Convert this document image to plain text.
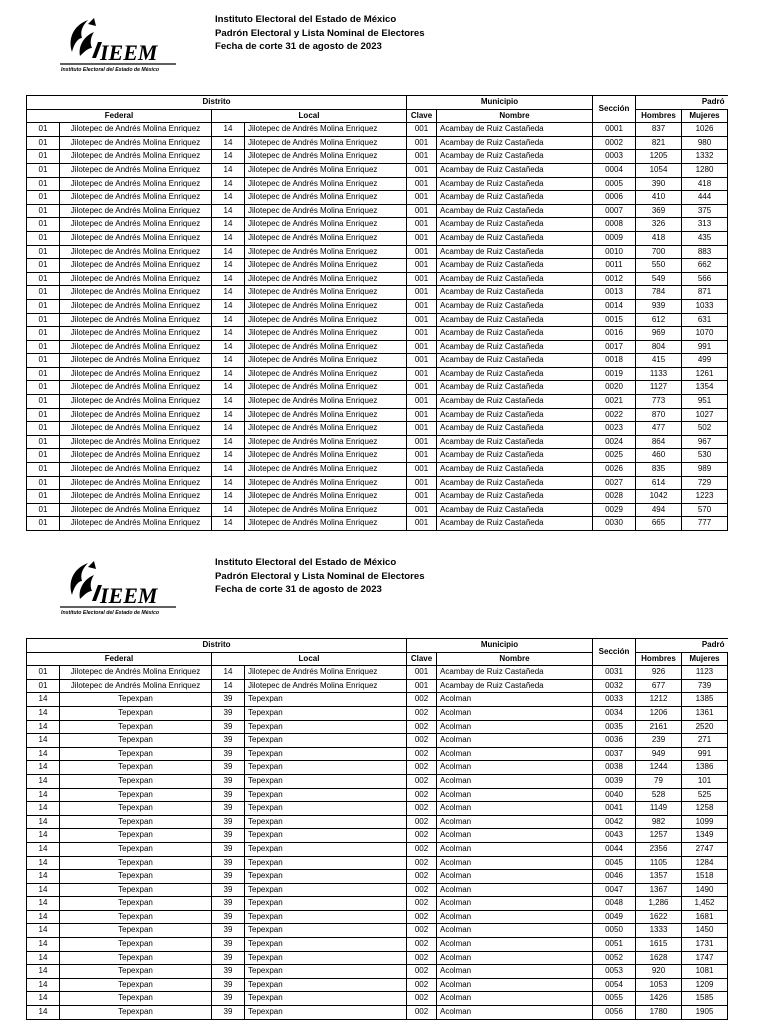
IEEM
Instituto Electoral del Estado de México
Instituto Electoral del Estado de México
Padrón Electoral y Lista Nominal de Electores
Fecha de corte 31 de agosto de 2023
Distrito				Municipio		Sección	Padró	
Federal		Local		Clave	Nombre		Hombres	Mujeres
01	Jilotepec de Andrés Molina Enriquez	14	Jilotepec de Andrés Molina Enriquez	001	Acambay de Ruiz Castañeda	0001	837	1026
01	Jilotepec de Andrés Molina Enriquez	14	Jilotepec de Andrés Molina Enriquez	001	Acambay de Ruiz Castañeda	0002	821	980
01	Jilotepec de Andrés Molina Enriquez	14	Jilotepec de Andrés Molina Enriquez	001	Acambay de Ruiz Castañeda	0003	1205	1332
01	Jilotepec de Andrés Molina Enriquez	14	Jilotepec de Andrés Molina Enriquez	001	Acambay de Ruiz Castañeda	0004	1054	1280
01	Jilotepec de Andrés Molina Enriquez	14	Jilotepec de Andrés Molina Enriquez	001	Acambay de Ruiz Castañeda	0005	390	418
01	Jilotepec de Andrés Molina Enriquez	14	Jilotepec de Andrés Molina Enriquez	001	Acambay de Ruiz Castañeda	0006	410	444
01	Jilotepec de Andrés Molina Enriquez	14	Jilotepec de Andrés Molina Enriquez	001	Acambay de Ruiz Castañeda	0007	369	375
01	Jilotepec de Andrés Molina Enriquez	14	Jilotepec de Andrés Molina Enriquez	001	Acambay de Ruiz Castañeda	0008	326	313
01	Jilotepec de Andrés Molina Enriquez	14	Jilotepec de Andrés Molina Enriquez	001	Acambay de Ruiz Castañeda	0009	418	435
01	Jilotepec de Andrés Molina Enriquez	14	Jilotepec de Andrés Molina Enriquez	001	Acambay de Ruiz Castañeda	0010	700	883
01	Jilotepec de Andrés Molina Enriquez	14	Jilotepec de Andrés Molina Enriquez	001	Acambay de Ruiz Castañeda	0011	550	662
01	Jilotepec de Andrés Molina Enriquez	14	Jilotepec de Andrés Molina Enriquez	001	Acambay de Ruiz Castañeda	0012	549	566
01	Jilotepec de Andrés Molina Enriquez	14	Jilotepec de Andrés Molina Enriquez	001	Acambay de Ruiz Castañeda	0013	784	871
01	Jilotepec de Andrés Molina Enriquez	14	Jilotepec de Andrés Molina Enriquez	001	Acambay de Ruiz Castañeda	0014	939	1033
01	Jilotepec de Andrés Molina Enriquez	14	Jilotepec de Andrés Molina Enriquez	001	Acambay de Ruiz Castañeda	0015	612	631
01	Jilotepec de Andrés Molina Enriquez	14	Jilotepec de Andrés Molina Enriquez	001	Acambay de Ruiz Castañeda	0016	969	1070
01	Jilotepec de Andrés Molina Enriquez	14	Jilotepec de Andrés Molina Enriquez	001	Acambay de Ruiz Castañeda	0017	804	991
01	Jilotepec de Andrés Molina Enriquez	14	Jilotepec de Andrés Molina Enriquez	001	Acambay de Ruiz Castañeda	0018	415	499
01	Jilotepec de Andrés Molina Enriquez	14	Jilotepec de Andrés Molina Enriquez	001	Acambay de Ruiz Castañeda	0019	1133	1261
01	Jilotepec de Andrés Molina Enriquez	14	Jilotepec de Andrés Molina Enriquez	001	Acambay de Ruiz Castañeda	0020	1127	1354
01	Jilotepec de Andrés Molina Enriquez	14	Jilotepec de Andrés Molina Enriquez	001	Acambay de Ruiz Castañeda	0021	773	951
01	Jilotepec de Andrés Molina Enriquez	14	Jilotepec de Andrés Molina Enriquez	001	Acambay de Ruiz Castañeda	0022	870	1027
01	Jilotepec de Andrés Molina Enriquez	14	Jilotepec de Andrés Molina Enriquez	001	Acambay de Ruiz Castañeda	0023	477	502
01	Jilotepec de Andrés Molina Enriquez	14	Jilotepec de Andrés Molina Enriquez	001	Acambay de Ruiz Castañeda	0024	864	967
01	Jilotepec de Andrés Molina Enriquez	14	Jilotepec de Andrés Molina Enriquez	001	Acambay de Ruiz Castañeda	0025	460	530
01	Jilotepec de Andrés Molina Enriquez	14	Jilotepec de Andrés Molina Enriquez	001	Acambay de Ruiz Castañeda	0026	835	989
01	Jilotepec de Andrés Molina Enriquez	14	Jilotepec de Andrés Molina Enriquez	001	Acambay de Ruiz Castañeda	0027	614	729
01	Jilotepec de Andrés Molina Enriquez	14	Jilotepec de Andrés Molina Enriquez	001	Acambay de Ruiz Castañeda	0028	1042	1223
01	Jilotepec de Andrés Molina Enriquez	14	Jilotepec de Andrés Molina Enriquez	001	Acambay de Ruiz Castañeda	0029	494	570
01	Jilotepec de Andrés Molina Enriquez	14	Jilotepec de Andrés Molina Enriquez	001	Acambay de Ruiz Castañeda	0030	665	777
IEEM
Instituto Electoral del Estado de México
Instituto Electoral del Estado de México
Padrón Electoral y Lista Nominal de Electores
Fecha de corte 31 de agosto de 2023
Distrito				Municipio		Sección	Padró	
Federal		Local		Clave	Nombre		Hombres	Mujeres
01	Jilotepec de Andrés Molina Enriquez	14	Jilotepec de Andrés Molina Enriquez	001	Acambay de Ruiz Castañeda	0031	926	1123
01	Jilotepec de Andrés Molina Enriquez	14	Jilotepec de Andrés Molina Enriquez	001	Acambay de Ruiz Castañeda	0032	677	739
14	Tepexpan	39	Tepexpan	002	Acolman	0033	1212	1385
14	Tepexpan	39	Tepexpan	002	Acolman	0034	1206	1361
14	Tepexpan	39	Tepexpan	002	Acolman	0035	2161	2520
14	Tepexpan	39	Tepexpan	002	Acolman	0036	239	271
14	Tepexpan	39	Tepexpan	002	Acolman	0037	949	991
14	Tepexpan	39	Tepexpan	002	Acolman	0038	1244	1386
14	Tepexpan	39	Tepexpan	002	Acolman	0039	79	101
14	Tepexpan	39	Tepexpan	002	Acolman	0040	528	525
14	Tepexpan	39	Tepexpan	002	Acolman	0041	1149	1258
14	Tepexpan	39	Tepexpan	002	Acolman	0042	982	1099
14	Tepexpan	39	Tepexpan	002	Acolman	0043	1257	1349
14	Tepexpan	39	Tepexpan	002	Acolman	0044	2356	2747
14	Tepexpan	39	Tepexpan	002	Acolman	0045	1105	1284
14	Tepexpan	39	Tepexpan	002	Acolman	0046	1357	1518
14	Tepexpan	39	Tepexpan	002	Acolman	0047	1367	1490
14	Tepexpan	39	Tepexpan	002	Acolman	0048	1,286	1,452
14	Tepexpan	39	Tepexpan	002	Acolman	0049	1622	1681
14	Tepexpan	39	Tepexpan	002	Acolman	0050	1333	1450
14	Tepexpan	39	Tepexpan	002	Acolman	0051	1615	1731
14	Tepexpan	39	Tepexpan	002	Acolman	0052	1628	1747
14	Tepexpan	39	Tepexpan	002	Acolman	0053	920	1081
14	Tepexpan	39	Tepexpan	002	Acolman	0054	1053	1209
14	Tepexpan	39	Tepexpan	002	Acolman	0055	1426	1585
14	Tepexpan	39	Tepexpan	002	Acolman	0056	1780	1905
